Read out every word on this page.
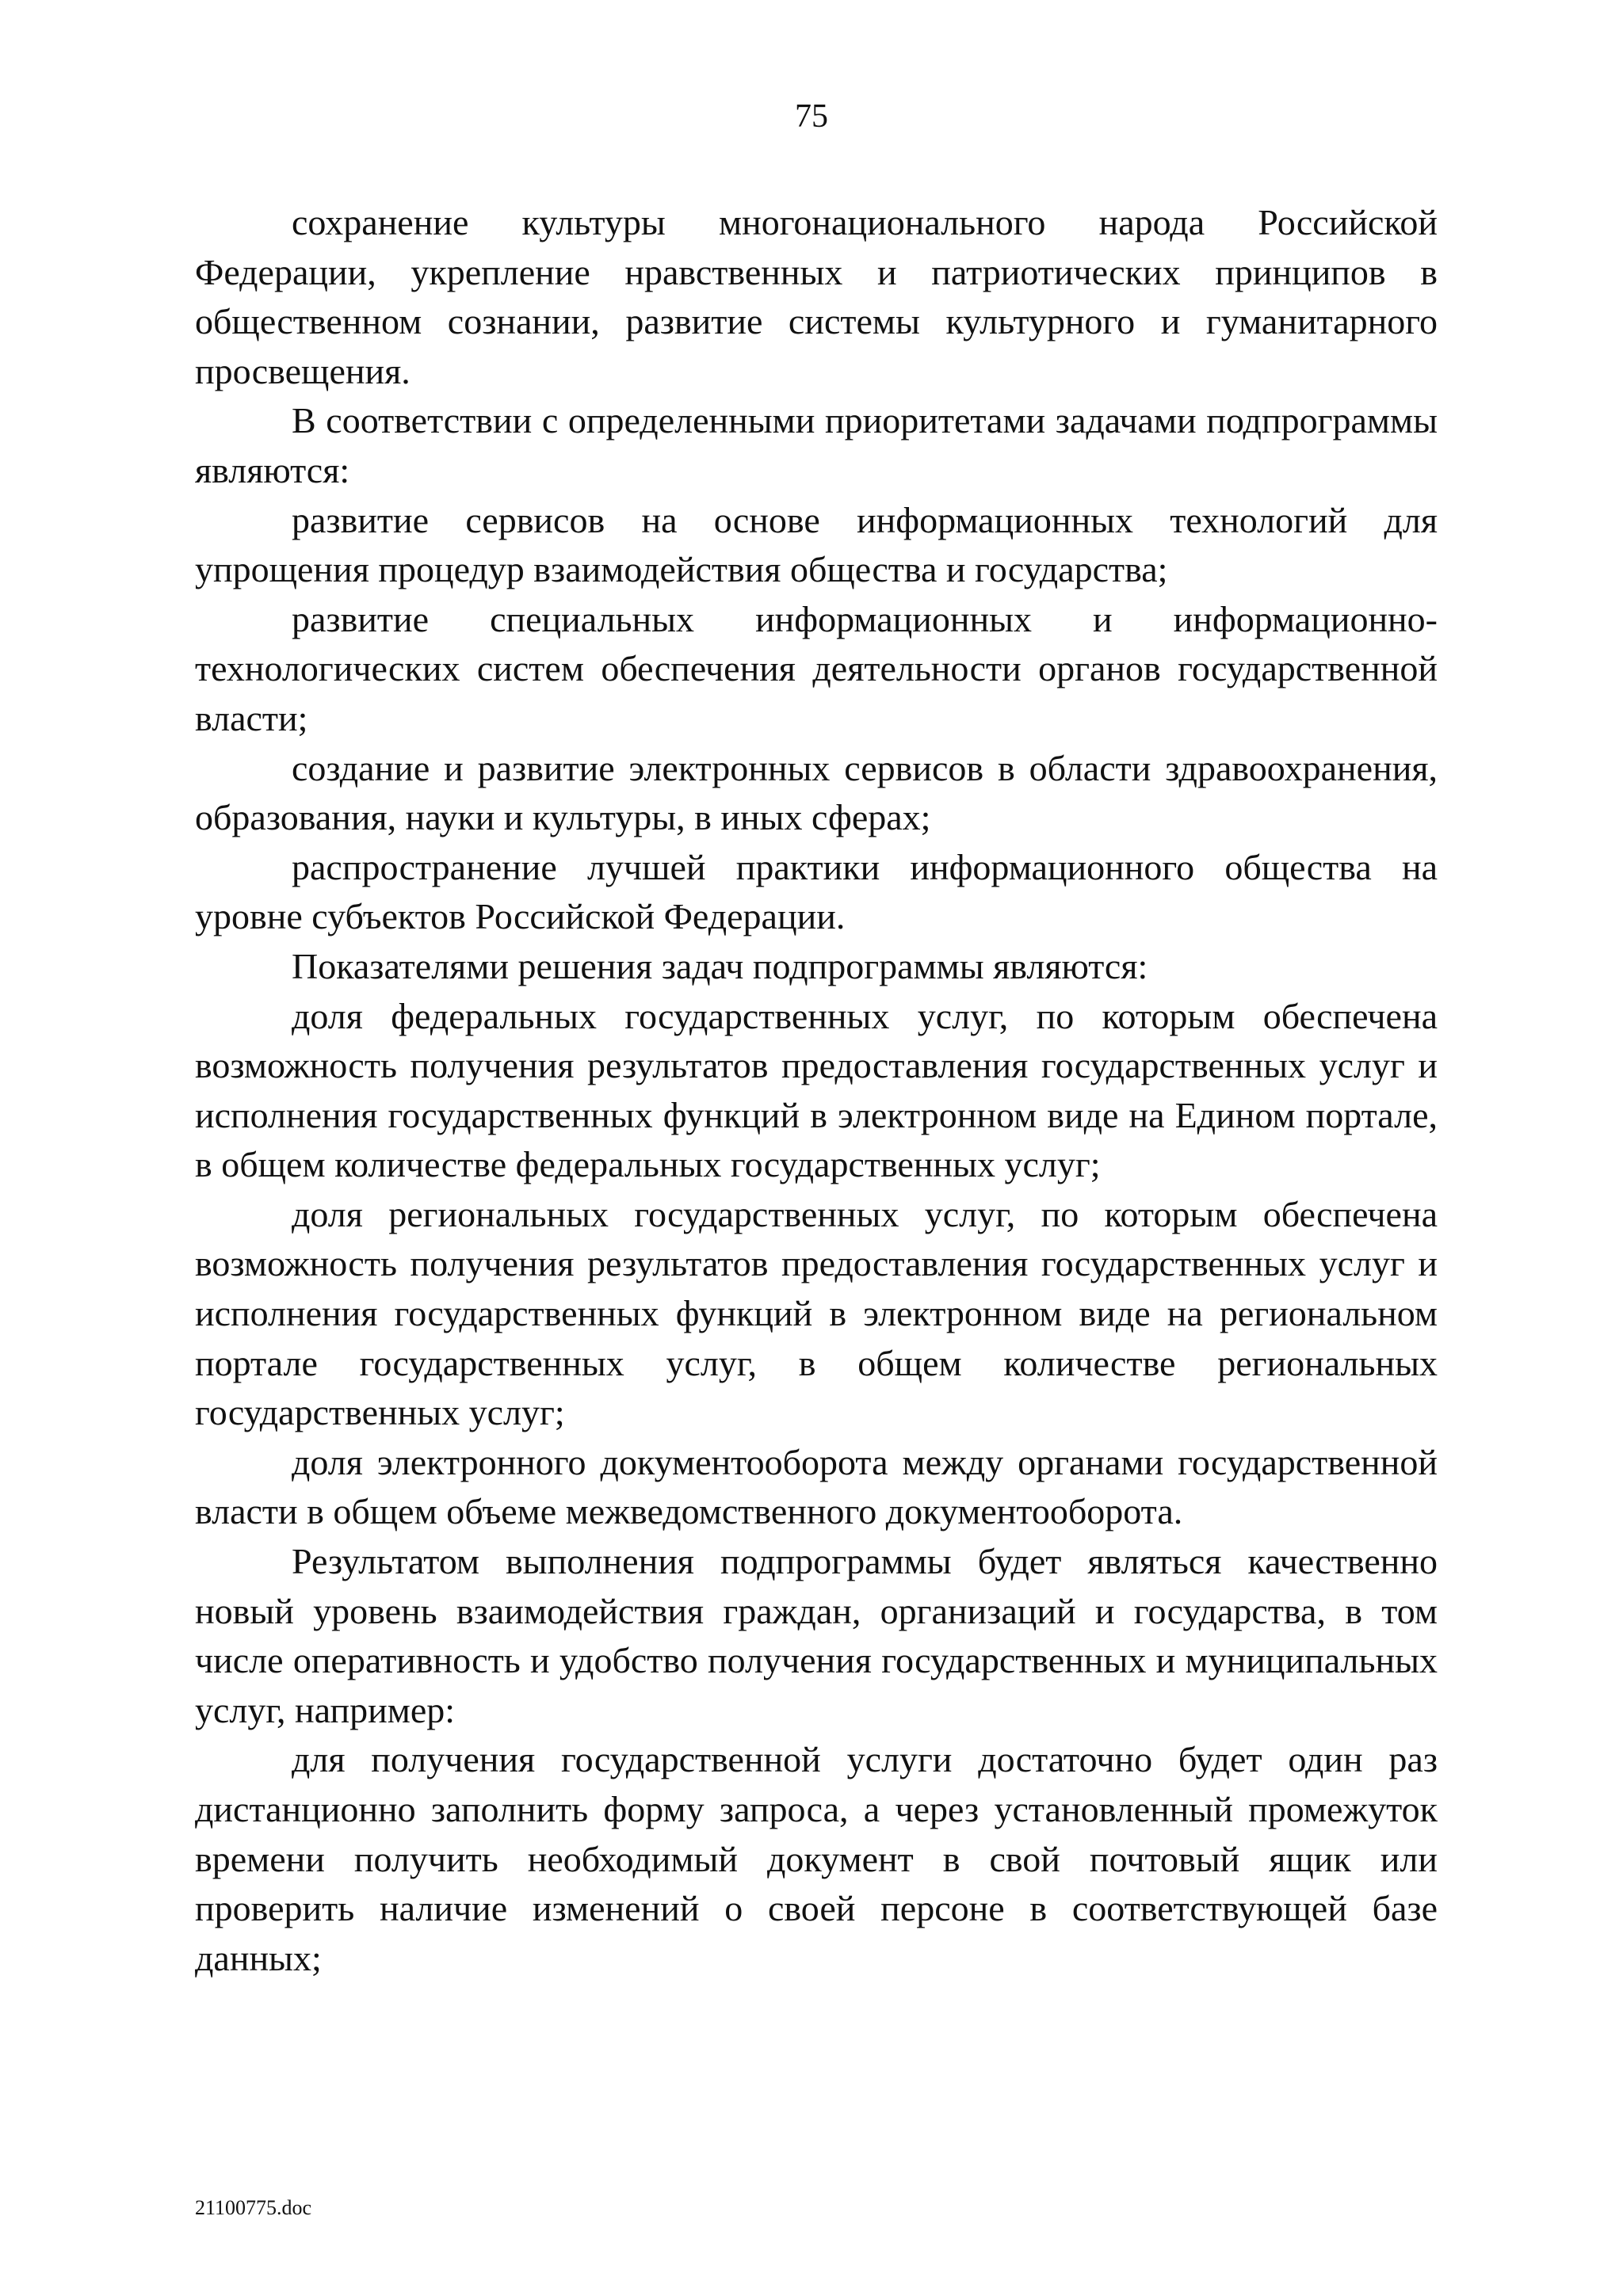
75

сохранение культуры многонационального народа Российской Федерации, укрепление нравственных и патриотических принципов в общественном сознании, развитие системы культурного и гуманитарного просвещения.

В соответствии с определенными приоритетами задачами подпрограммы являются:

развитие сервисов на основе информационных технологий для упрощения процедур взаимодействия общества и государства;

развитие специальных информационных и информационно-технологических систем обеспечения деятельности органов государственной власти;

создание и развитие электронных сервисов в области здравоохранения, образования, науки и культуры, в иных сферах;

распространение лучшей практики информационного общества на уровне субъектов Российской Федерации.

Показателями решения задач подпрограммы являются:

доля федеральных государственных услуг, по которым обеспечена возможность получения результатов предоставления государственных услуг и исполнения государственных функций в электронном виде на Едином портале, в общем количестве федеральных государственных услуг;

доля региональных государственных услуг, по которым обеспечена возможность получения результатов предоставления государственных услуг и исполнения государственных функций в электронном виде на региональном портале государственных услуг, в общем количестве региональных государственных услуг;

доля электронного документооборота между органами государственной власти в общем объеме межведомственного документооборота.

Результатом выполнения подпрограммы будет являться качественно новый уровень взаимодействия граждан, организаций и государства, в том числе оперативность и удобство получения государственных и муниципальных услуг, например:

для получения государственной услуги достаточно будет один раз дистанционно заполнить форму запроса, а через установленный промежуток времени получить необходимый документ в свой почтовый ящик или проверить наличие изменений о своей персоне в соответствующей базе данных;

21100775.doc
